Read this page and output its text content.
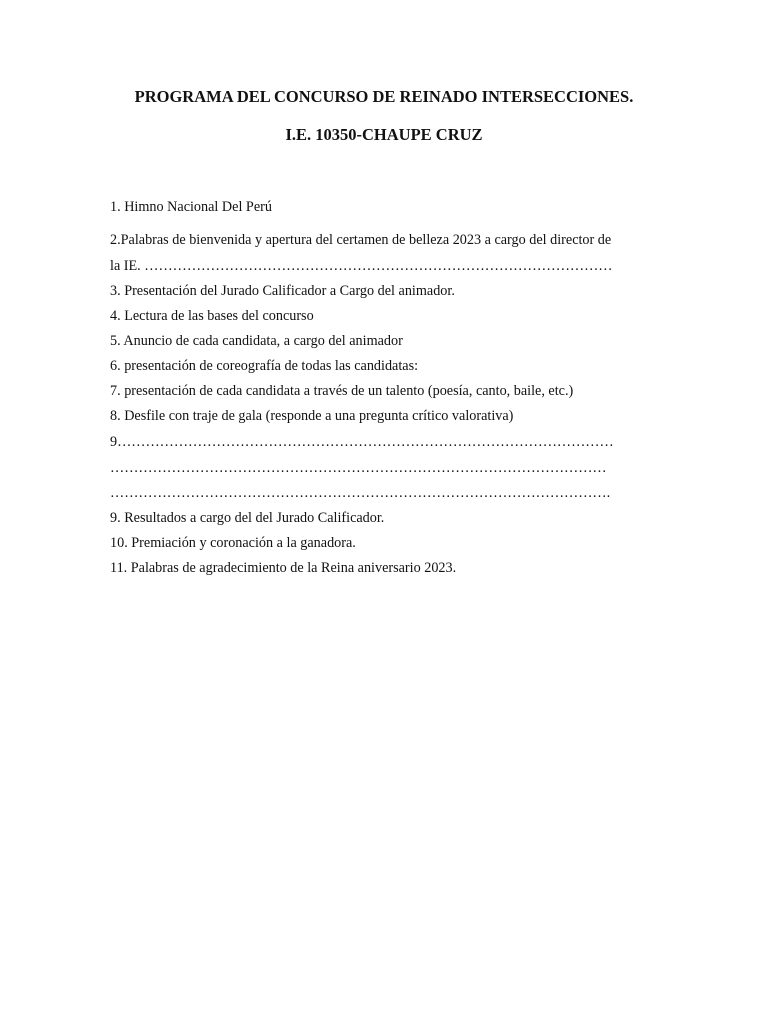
PROGRAMA DEL CONCURSO DE REINADO INTERSECCIONES.
I.E. 10350-CHAUPE CRUZ
1. Himno Nacional Del Perú
2.Palabras de bienvenida y apertura del certamen de belleza 2023 a cargo del director de
la IE. ………………………………………………………………………………………
3. Presentación del Jurado Calificador a Cargo del animador.
4. Lectura de las bases del concurso
5. Anuncio de cada candidata, a cargo del animador
6. presentación de coreografía de todas las candidatas:
7. presentación de cada candidata a través de un talento (poesía, canto, baile, etc.)
8. Desfile con traje de gala (responde a una pregunta crítico valorativa)
9……………………………………………………………………………………………
……………………………………………………………………………………………
…………………………………………………………………………………………….
9. Resultados a cargo del del Jurado Calificador.
10. Premiación y coronación a la ganadora.
11. Palabras de agradecimiento de la Reina aniversario 2023.
